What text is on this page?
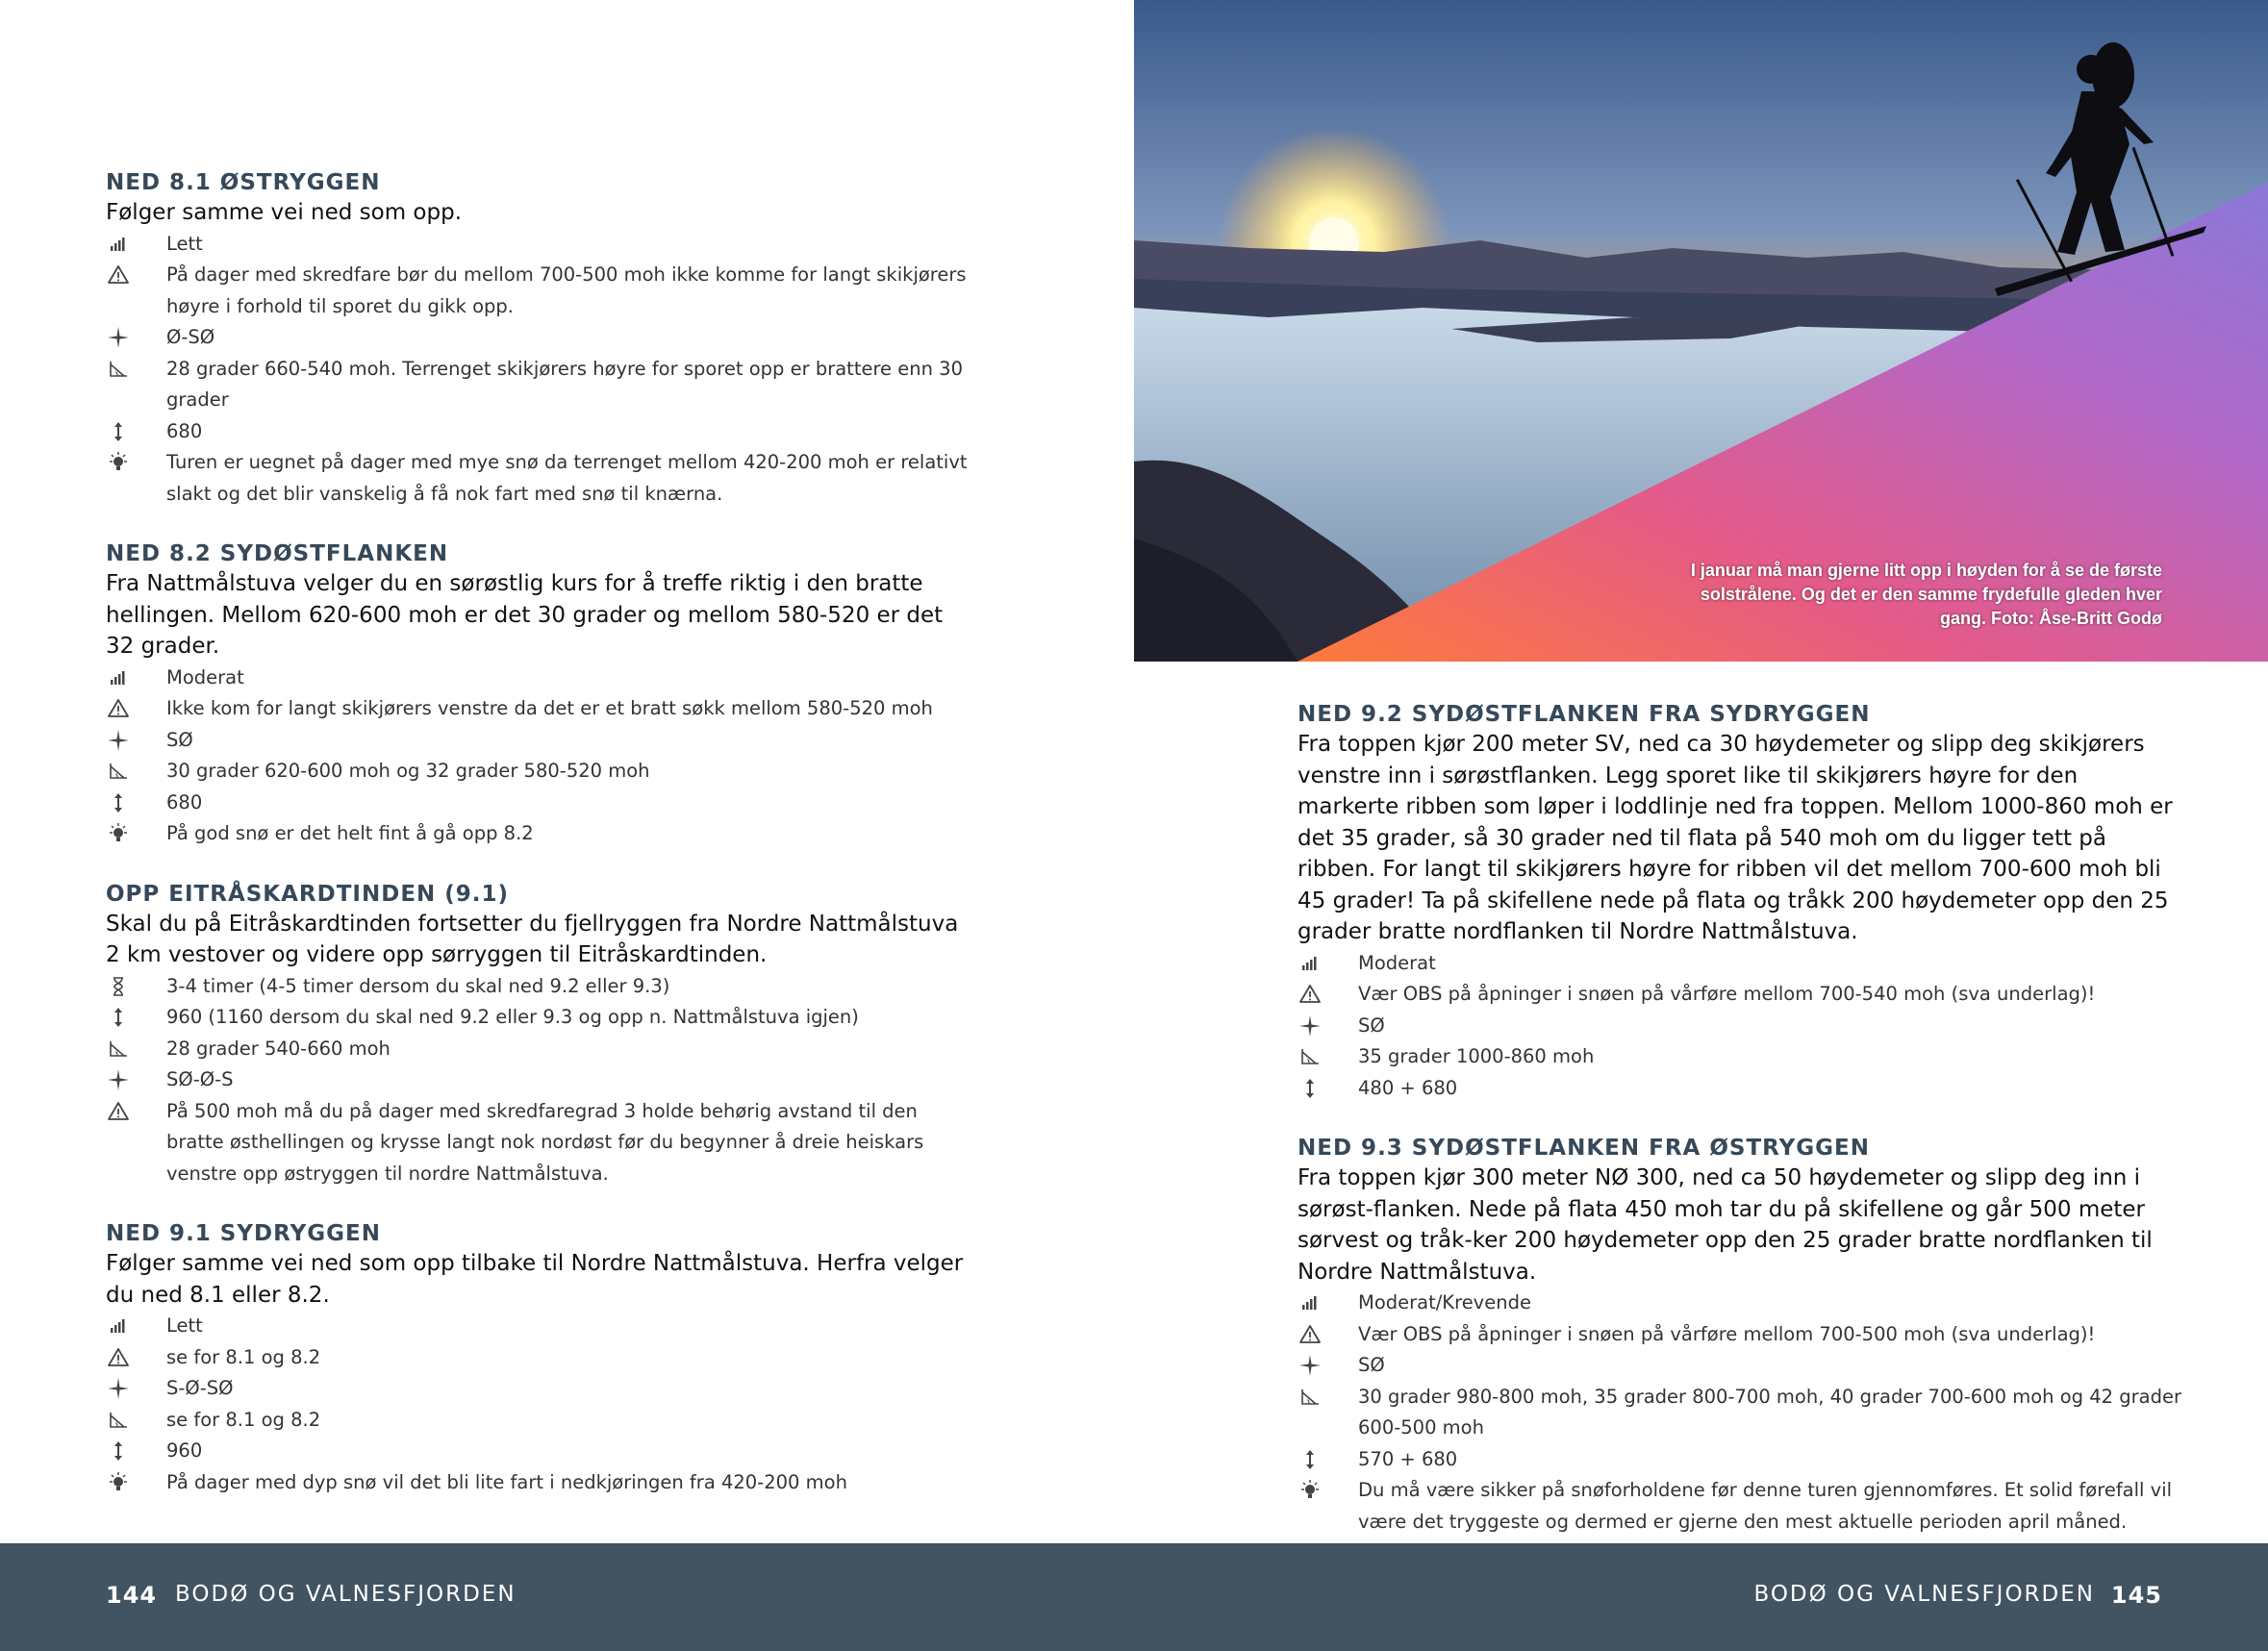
NED 8.1 ØSTRYGGEN
Følger samme vei ned som opp.
Lett
På dager med skredfare bør du mellom 700-500 moh ikke komme for langt skikjørers høyre i forhold til sporet du gikk opp.
Ø-SØ
28 grader 660-540 moh. Terrenget skikjørers høyre for sporet opp er brattere enn 30 grader
680
Turen er uegnet på dager med mye snø da terrenget mellom 420-200 moh er relativt slakt og det blir vanskelig å få nok fart med snø til knærna.
NED 8.2 SYDØSTFLANKEN
Fra Nattmålstuva velger du en sørøstlig kurs for å treffe riktig i den bratte hellingen. Mellom 620-600 moh er det 30 grader og mellom 580-520 er det 32 grader.
Moderat
Ikke kom for langt skikjørers venstre da det er et bratt søkk mellom 580-520 moh
SØ
30 grader 620-600 moh og 32 grader 580-520 moh
680
På god snø er det helt fint å gå opp 8.2
OPP EITRÅSKARDTINDEN (9.1)
Skal du på Eitråskardtinden fortsetter du fjellryggen fra Nordre Nattmålstuva 2 km vestover og videre opp sørryggen til Eitråskardtinden.
3-4 timer (4-5 timer dersom du skal ned 9.2 eller 9.3)
960 (1160 dersom du skal ned 9.2 eller 9.3 og opp n. Nattmålstuva igjen)
28 grader 540-660 moh
SØ-Ø-S
På 500 moh må du på dager med skredfaregrad 3 holde behørig avstand til den bratte østhellingen og krysse langt nok nordøst før du begynner å dreie heiskars venstre opp østryggen til nordre Nattmålstuva.
NED 9.1 SYDRYGGEN
Følger samme vei ned som opp tilbake til Nordre Nattmålstuva. Herfra velger du ned 8.1 eller 8.2.
Lett
se for 8.1 og 8.2
S-Ø-SØ
se for 8.1 og 8.2
960
På dager med dyp snø vil det bli lite fart i nedkjøringen fra 420-200 moh
I januar må man gjerne litt opp i høyden for å se de første solstrålene. Og det er den samme frydefulle gleden hver gang. Foto: Åse-Britt Godø
NED 9.2 SYDØSTFLANKEN FRA SYDRYGGEN
Fra toppen kjør 200 meter SV, ned ca 30 høydemeter og slipp deg skikjørers venstre inn i sørøstflanken. Legg sporet like til skikjørers høyre for den markerte ribben som løper i loddlinje ned fra toppen. Mellom 1000-860 moh er det 35 grader, så 30 grader ned til flata på 540 moh om du ligger tett på ribben. For langt til skikjørers høyre for ribben vil det mellom 700-600 moh bli 45 grader! Ta på skifellene nede på flata og tråkk 200 høydemeter opp den 25 grader bratte nordflanken til Nordre Nattmålstuva.
Moderat
Vær OBS på åpninger i snøen på vårføre mellom 700-540 moh (sva underlag)!
SØ
35 grader 1000-860 moh
480 + 680
NED 9.3 SYDØSTFLANKEN FRA ØSTRYGGEN
Fra toppen kjør 300 meter NØ 300, ned ca 50 høydemeter og slipp deg inn i sørøst-flanken. Nede på flata 450 moh tar du på skifellene og går 500 meter sørvest og tråk-ker 200 høydemeter opp den 25 grader bratte nordflanken til Nordre Nattmålstuva.
Moderat/Krevende
Vær OBS på åpninger i snøen på vårføre mellom 700-500 moh (sva underlag)!
SØ
30 grader 980-800 moh, 35 grader 800-700 moh, 40 grader 700-600 moh og 42 grader 600-500 moh
570 + 680
Du må være sikker på snøforholdene før denne turen gjennomføres. Et solid førefall vil være det tryggeste og dermed er gjerne den mest aktuelle perioden april måned.
144 BODØ OG VALNESFJORDEN	BODØ OG VALNESFJORDEN 145
